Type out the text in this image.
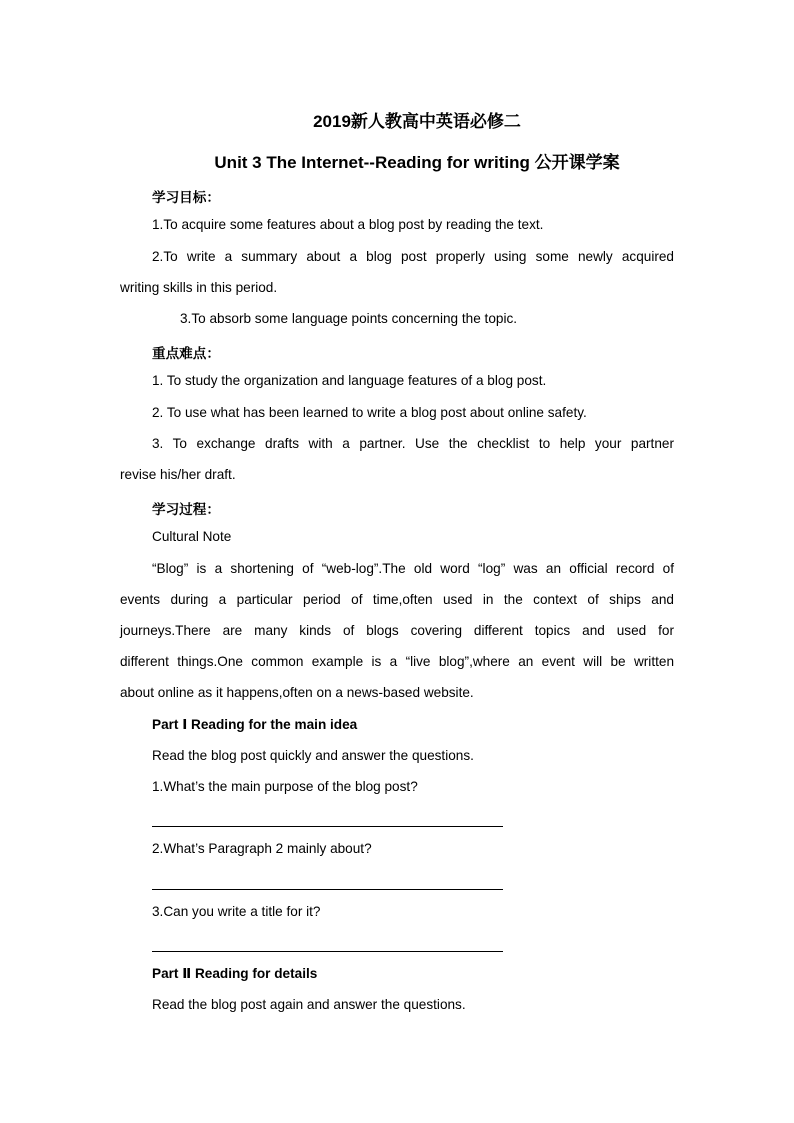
2019新人教高中英语必修二
Unit 3 The Internet--Reading for writing 公开课学案
学习目标：
1.To acquire some features about a blog post by reading the text.
2.To write a summary about a blog post properly using some newly acquired
writing skills in this period.
3.To absorb some language points concerning the topic.
重点难点：
1. To study the organization and language features of a blog post.
2. To use what has been learned to write a blog post about online safety.
3. To exchange drafts with a partner. Use the checklist to help your partner
revise his/her draft.
学习过程：
Cultural Note
“Blog” is a shortening of “web-log”.The old word “log” was an official record of
events during a particular period of time,often used in the context of ships and
journeys.There are many kinds of blogs covering different topics and used for
different things.One common example is a “live blog”,where an event will be written
about online as it happens,often on a news-based website.
Part Ⅰ Reading for the main idea
Read the blog post quickly and answer the questions.
1.What’s the main purpose of the blog post?
2.What’s Paragraph 2 mainly about?
3.Can you write a title for it?
Part Ⅱ Reading for details
Read the blog post again and answer the questions.
